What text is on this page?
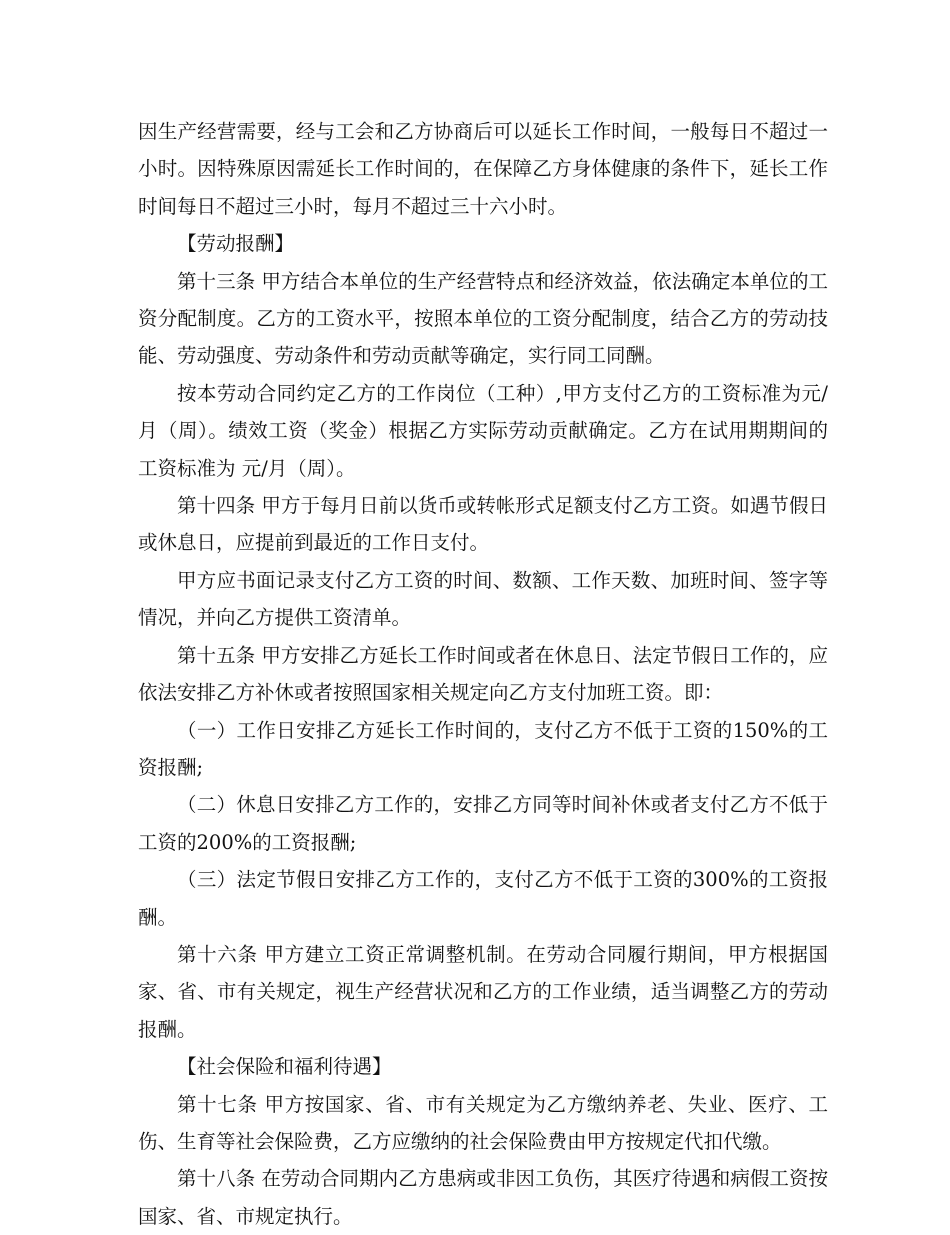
因生产经营需要，经与工会和乙方协商后可以延长工作时间，一般每日不超过一小时。因特殊原因需延长工作时间的，在保障乙方身体健康的条件下，延长工作时间每日不超过三小时，每月不超过三十六小时。

【劳动报酬】

第十三条 甲方结合本单位的生产经营特点和经济效益，依法确定本单位的工资分配制度。乙方的工资水平，按照本单位的工资分配制度，结合乙方的劳动技能、劳动强度、劳动条件和劳动贡献等确定，实行同工同酬。

按本劳动合同约定乙方的工作岗位（工种）,甲方支付乙方的工资标准为元/月（周）。绩效工资（奖金）根据乙方实际劳动贡献确定。乙方在试用期期间的工资标准为 元/月（周）。

第十四条 甲方于每月日前以货币或转帐形式足额支付乙方工资。如遇节假日或休息日，应提前到最近的工作日支付。

甲方应书面记录支付乙方工资的时间、数额、工作天数、加班时间、签字等情况，并向乙方提供工资清单。

第十五条 甲方安排乙方延长工作时间或者在休息日、法定节假日工作的，应依法安排乙方补休或者按照国家相关规定向乙方支付加班工资。即：

（一）工作日安排乙方延长工作时间的，支付乙方不低于工资的150%的工资报酬;

（二）休息日安排乙方工作的，安排乙方同等时间补休或者支付乙方不低于工资的200%的工资报酬;

（三）法定节假日安排乙方工作的，支付乙方不低于工资的300%的工资报酬。

第十六条 甲方建立工资正常调整机制。在劳动合同履行期间，甲方根据国家、省、市有关规定，视生产经营状况和乙方的工作业绩，适当调整乙方的劳动报酬。

【社会保险和福利待遇】

第十七条 甲方按国家、省、市有关规定为乙方缴纳养老、失业、医疗、工伤、生育等社会保险费，乙方应缴纳的社会保险费由甲方按规定代扣代缴。

第十八条 在劳动合同期内乙方患病或非因工负伤，其医疗待遇和病假工资按国家、省、市规定执行。
